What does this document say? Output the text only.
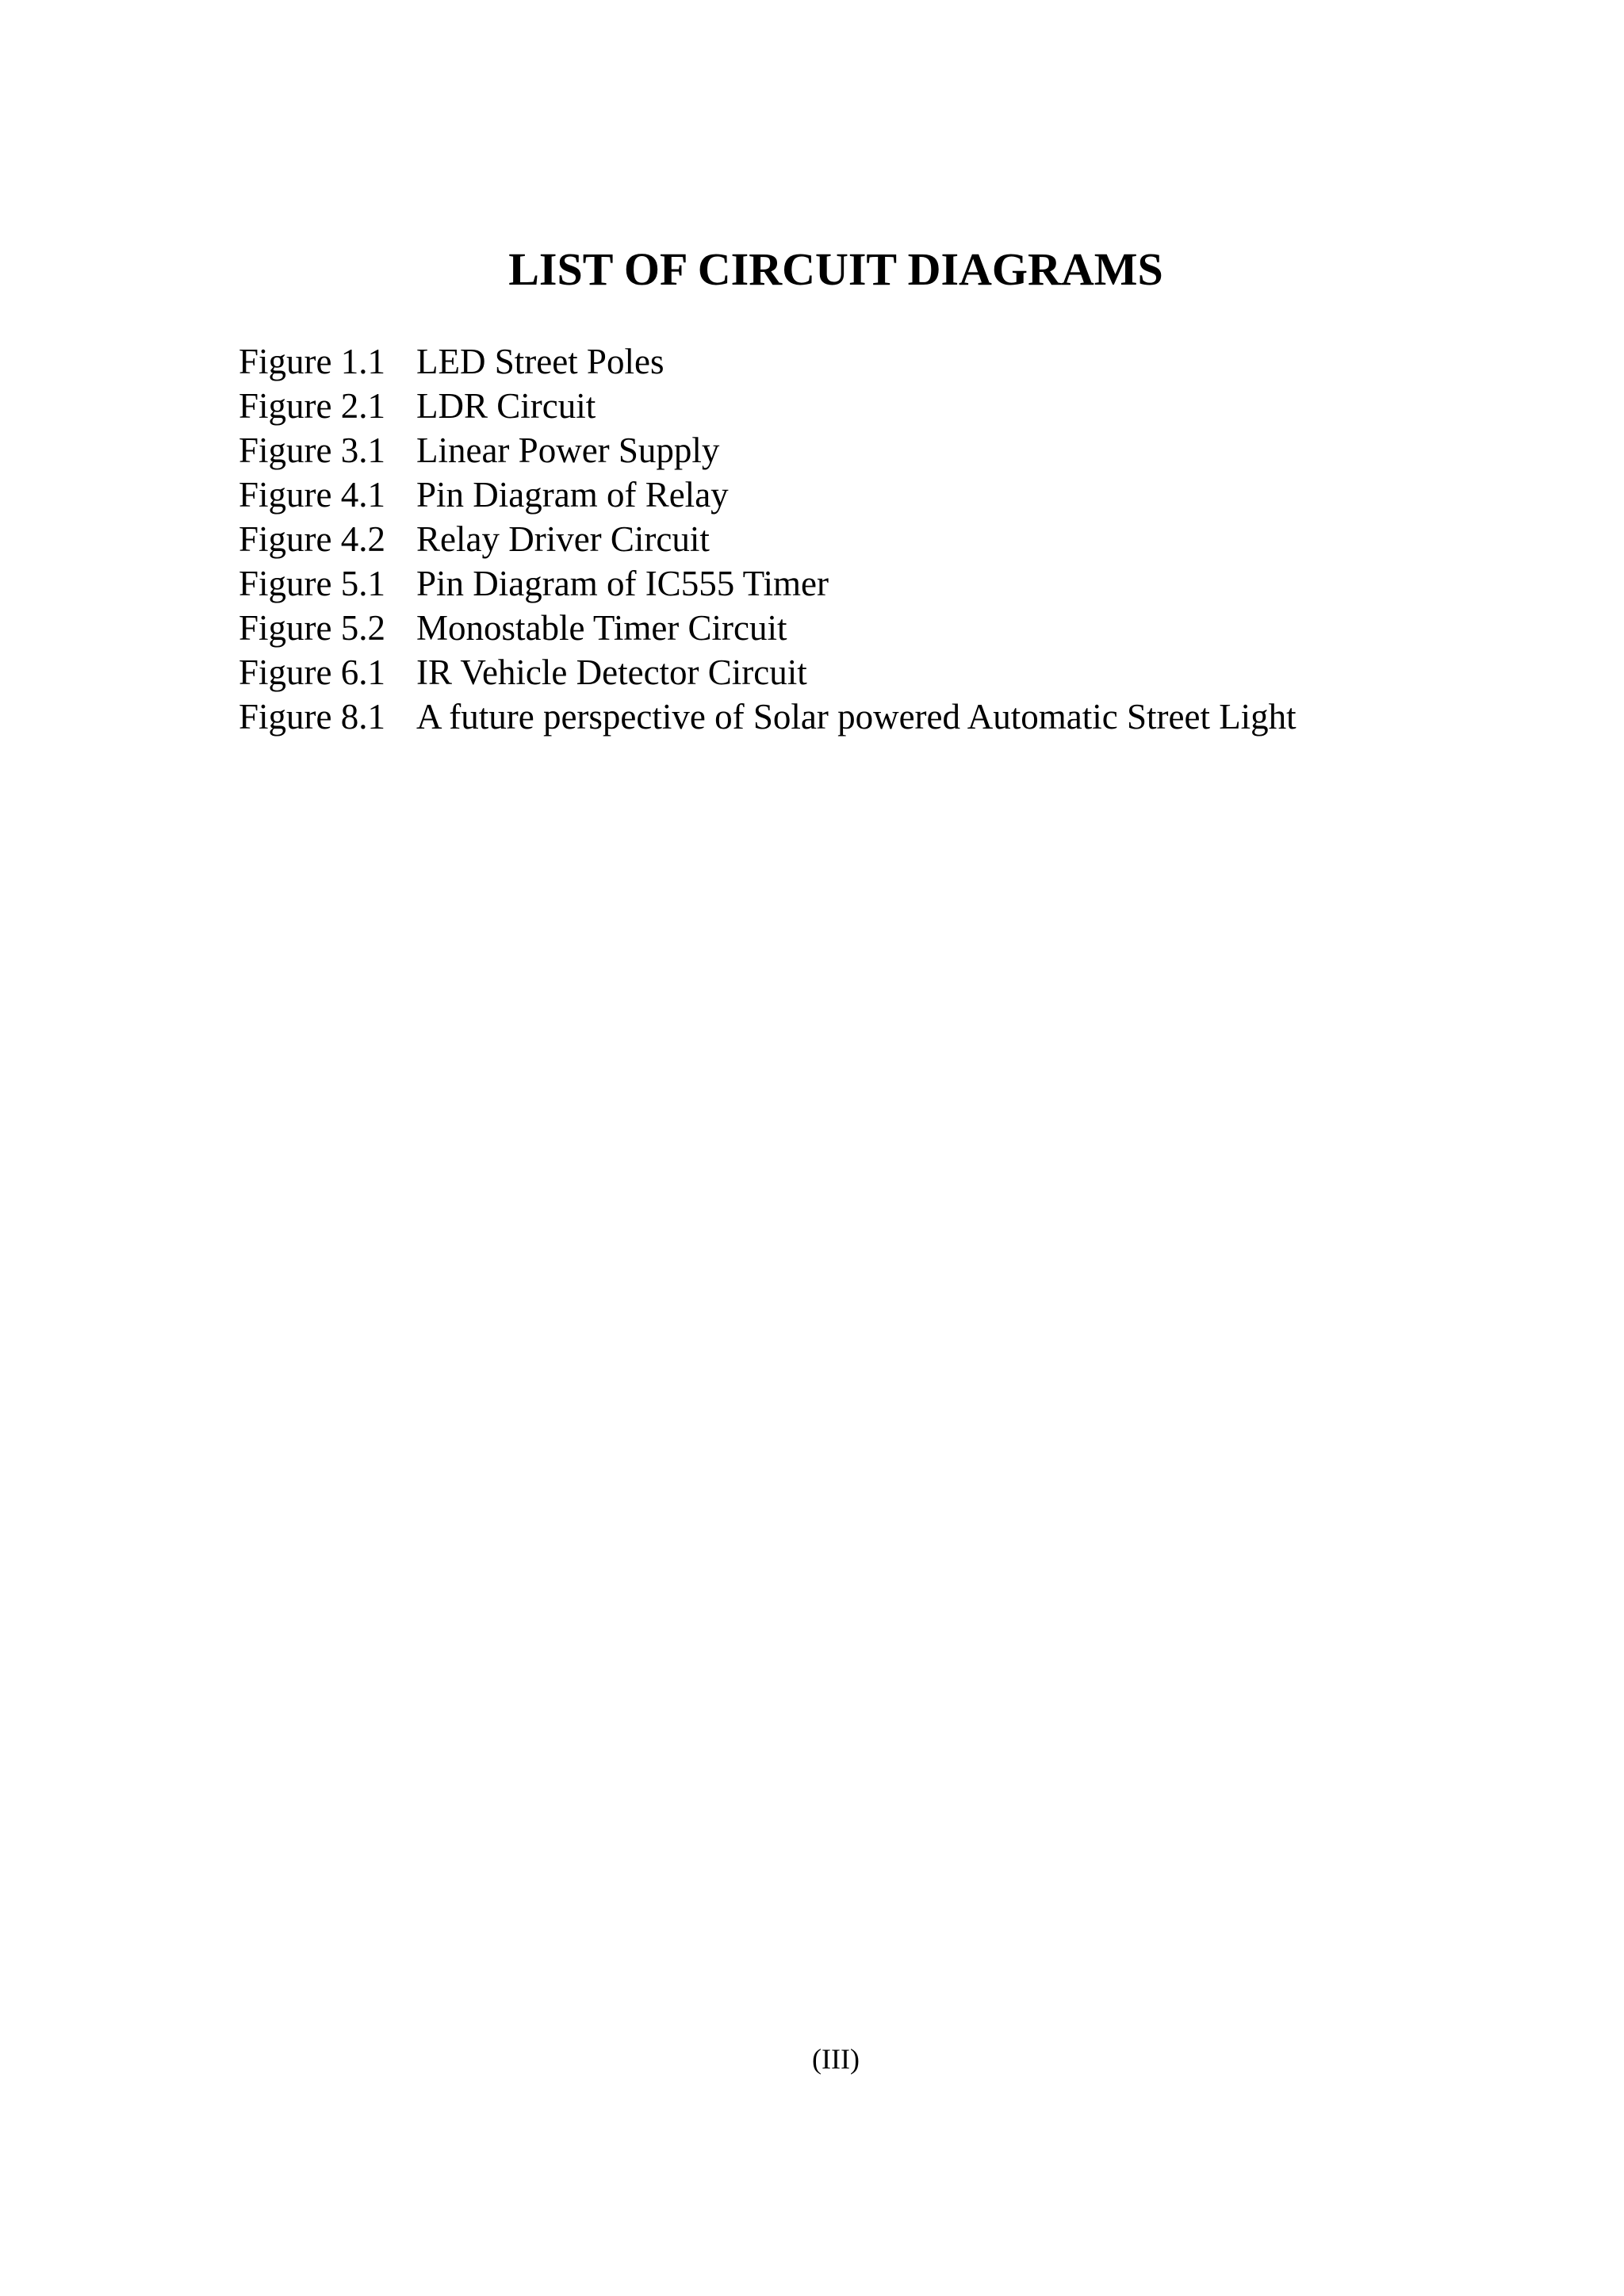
LIST OF CIRCUIT DIAGRAMS
Figure 1.1 LED Street Poles
Figure 2.1 LDR Circuit
Figure 3.1 Linear Power Supply
Figure 4.1 Pin Diagram of Relay
Figure 4.2 Relay Driver Circuit
Figure 5.1 Pin Diagram of IC555 Timer
Figure 5.2 Monostable Timer Circuit
Figure 6.1 IR Vehicle Detector Circuit
Figure 8.1 A future perspective of Solar powered Automatic Street Light
(III)
